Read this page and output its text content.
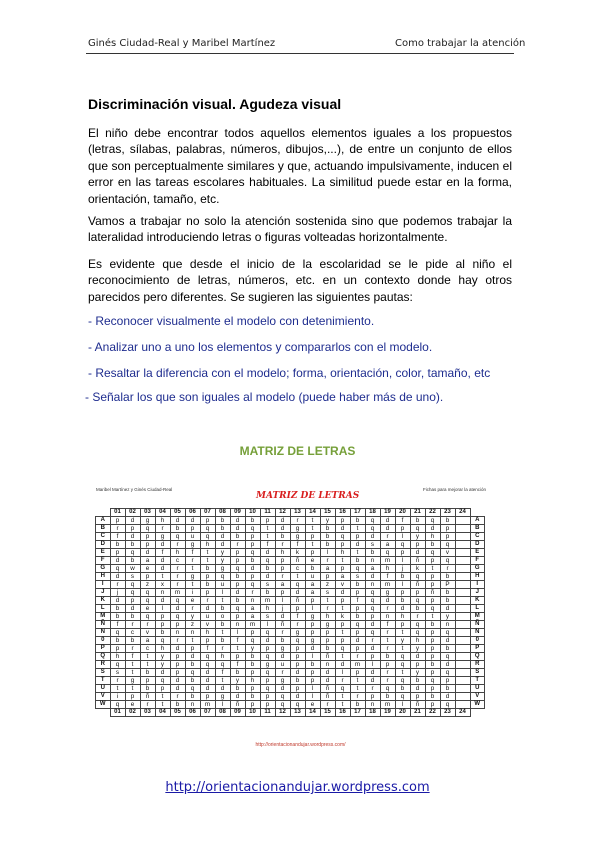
Ginés Ciudad-Real y Maribel Martínez	Como trabajar la atención
Discriminación visual. Agudeza visual

El niño debe encontrar todos aquellos elementos iguales a los propuestos (letras, sílabas, palabras, números, dibujos,...), de entre un conjunto de ellos que son perceptualmente similares y que, actuando impulsivamente, inducen el error en las tareas escolares habituales. La similitud puede estar en la forma, orientación, tamaño, etc.

Vamos a trabajar no solo la atención sostenida sino que podemos trabajar la lateralidad introduciendo letras o figuras volteadas horizontalmente.

Es evidente que desde el inicio de la escolaridad se le pide al niño el reconocimiento de letras, números, etc. en un contexto donde hay otros parecidos pero diferentes. Se sugieren las siguientes pautas:

- Reconocer visualmente el modelo con detenimiento.

- Analizar uno a uno los elementos y compararlos con el modelo.

- Resaltar la diferencia con el modelo; forma, orientación, color, tamaño, etc

- Señalar los que son iguales al modelo (puede haber más de uno).

MATRIZ DE LETRAS
Maribel Martínez y Ginés Ciudad-Real	Fichas para mejorar la atención
MATRIZ DE LETRAS
	01	02	03	04	05	06	07	08	09	10	11	12	13	14	15	16	17	18	19	20	21	22	23	24	
A	p	d	g	h	d	d	p	b	d	b	p	d	r	t	y	p	b	q	d	f	b	q	b		A
B	r	p	q	r	b	p	q	b	d	q	t	d	g	t	b	d	t	q	d	p	q	d	p		B
C	f	d	p	g	q	u	q	d	b	p	t	b	g	p	b	q	p	d	r	l	y	h	p		C
D	b	b	p	d	r	g	h	d	r	p	f	r	f	t	b	p	d	s	a	q	p	b	q		D
E	p	q	d	f	h	f	t	y	p	q	d	h	k	p	l	h	t	b	q	p	d	q	v		E
F	d	b	a	d	c	r	t	y	p	b	q	p	ñ	e	r	t	b	n	m	l	ñ	p	q		F
G	q	w	e	d	r	t	b	g	q	d	b	p	c	b	a	p	q	a	h	j	k	t	r		G
H	d	s	p	t	r	g	p	q	b	p	d	r	t	u	p	a	s	d	f	b	q	p	b		H
I	r	q	z	x	r	t	b	u	p	q	s	a	q	a	z	v	b	n	m	l	ñ	p	P		I
J	j	q	q	n	m	i	p	l	d	r	b	p	d	a	s	d	p	q	g	p	p	ñ	b		J
K	d	p	q	d	q	e	r	t	b	n	m	l	ñ	p	t	p	f	q	d	b	q	p	b		K
L	b	d	e	l	d	r	d	b	q	a	h	j	p	l	r	t	p	q	r	d	b	q	d		L
M	b	b	q	p	q	y	u	o	p	a	s	d	f	g	h	k	b	p	n	h	r	t	y		M
Ñ	f	r	r	p	p	z	v	b	n	m	l	ñ	r	p	g	p	q	d	f	p	q	b	n		Ñ
N	q	c	v	b	n	n	h	t	l	p	q	r	g	p	p	t	p	q	r	t	q	p	q		N
0	b	b	a	q	r	t	p	b	f	q	d	b	q	g	p	p	d	r	t	y	h	p	d		0
P	p	r	c	h	d	p	f	r	t	y	p	g	p	d	b	q	p	d	r	t	y	p	b		P
Q	h	f	t	y	p	d	q	h	p	b	q	d	p	l	ñ	t	r	p	b	q	d	p	q		Q
R	q	t	t	y	p	b	q	q	f	b	g	u	p	b	n	d	m	l	p	q	p	b	d		R
S	s	t	b	d	p	q	d	f	b	p	q	r	d	p	d	l	p	d	r	t	y	p	q		S
T	r	g	p	q	d	b	d	t	y	h	p	g	b	p	d	r	t	d	r	q	b	q	p		T
U	t	t	b	p	d	q	d	d	b	p	q	d	p	l	ñ	q	t	r	q	b	d	p	b		U
V	i	p	ñ	t	r	b	p	g	d	b	p	q	d	l	ñ	t	r	p	b	q	p	b	d		V
W	q	e	r	t	b	n	m	l	ñ	p	p	q	q	e	r	t	b	n	m	l	ñ	p	q		W
	01	02	03	04	05	06	07	08	09	10	11	12	13	14	15	16	17	18	19	20	21	22	23	24	
http://orientacionandujar.wordpress.com/
http://orientacionandujar.wordpress.com
